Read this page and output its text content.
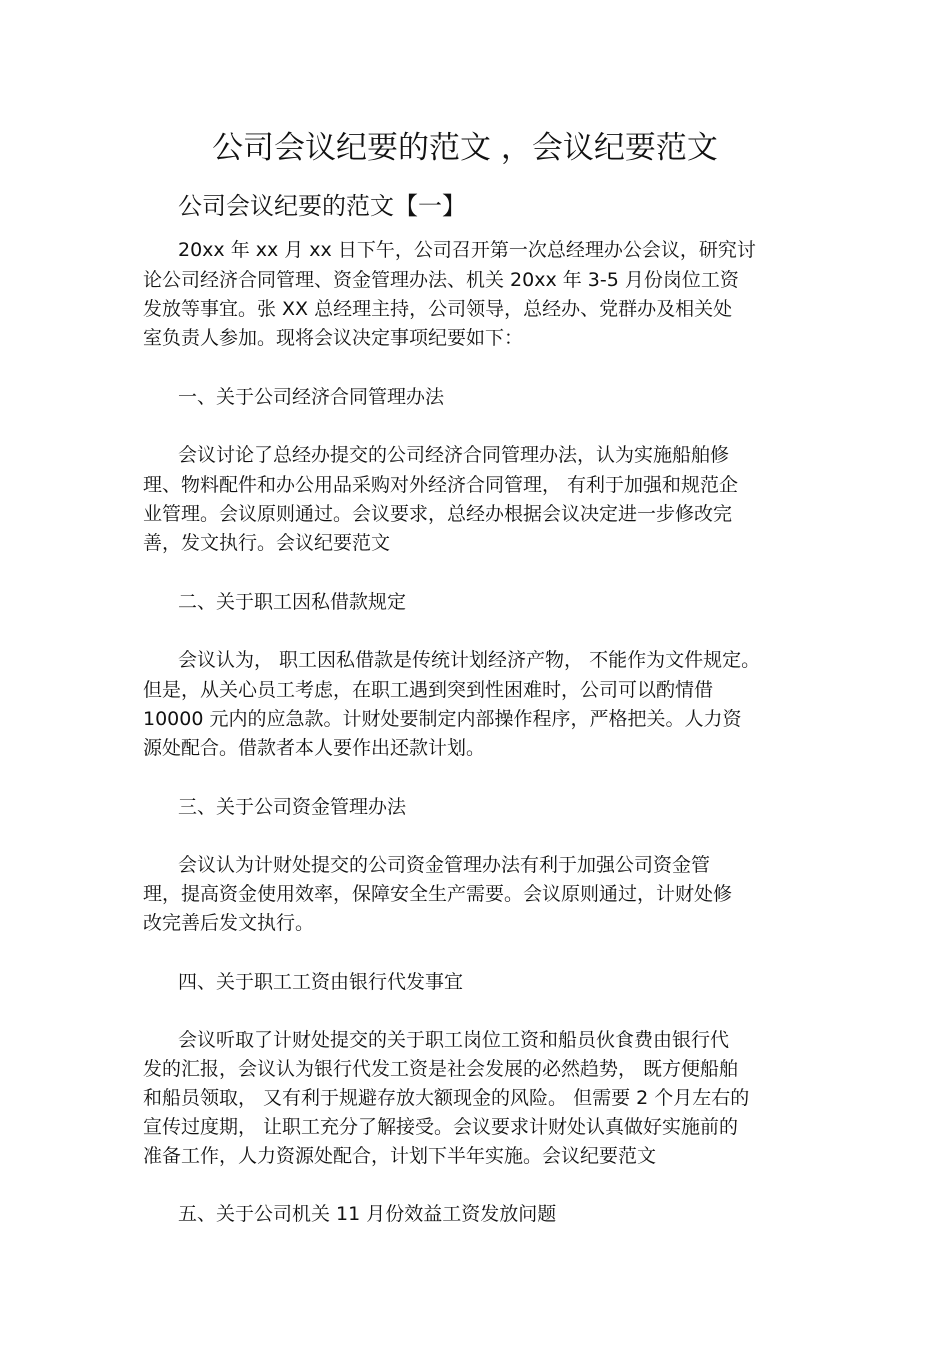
公司会议纪要的范文 ，会议纪要范文
公司会议纪要的范文【一】
20xx 年 xx 月 xx 日下午，公司召开第一次总经理办公会议，研究讨
论公司经济合同管理、资金管理办法、机关 20xx 年 3-5 月份岗位工资
发放等事宜。张 XX 总经理主持，公司领导，总经办、党群办及相关处
室负责人参加。现将会议决定事项纪要如下：
一、关于公司经济合同管理办法
会议讨论了总经办提交的公司经济合同管理办法，认为实施船舶修
理、物料配件和办公用品采购对外经济合同管理， 有利于加强和规范企
业管理。会议原则通过。会议要求，总经办根据会议决定进一步修改完
善，发文执行。会议纪要范文
二、关于职工因私借款规定
会议认为， 职工因私借款是传统计划经济产物， 不能作为文件规定。
但是，从关心员工考虑，在职工遇到突到性困难时，公司可以酌情借
10000 元内的应急款。计财处要制定内部操作程序，严格把关。人力资
源处配合。借款者本人要作出还款计划。
三、关于公司资金管理办法
会议认为计财处提交的公司资金管理办法有利于加强公司资金管
理，提高资金使用效率，保障安全生产需要。会议原则通过，计财处修
改完善后发文执行。
四、关于职工工资由银行代发事宜
会议听取了计财处提交的关于职工岗位工资和船员伙食费由银行代
发的汇报，会议认为银行代发工资是社会发展的必然趋势， 既方便船舶
和船员领取， 又有利于规避存放大额现金的风险。 但需要 2 个月左右的
宣传过度期， 让职工充分了解接受。会议要求计财处认真做好实施前的
准备工作，人力资源处配合，计划下半年实施。会议纪要范文
五、关于公司机关 11 月份效益工资发放问题
